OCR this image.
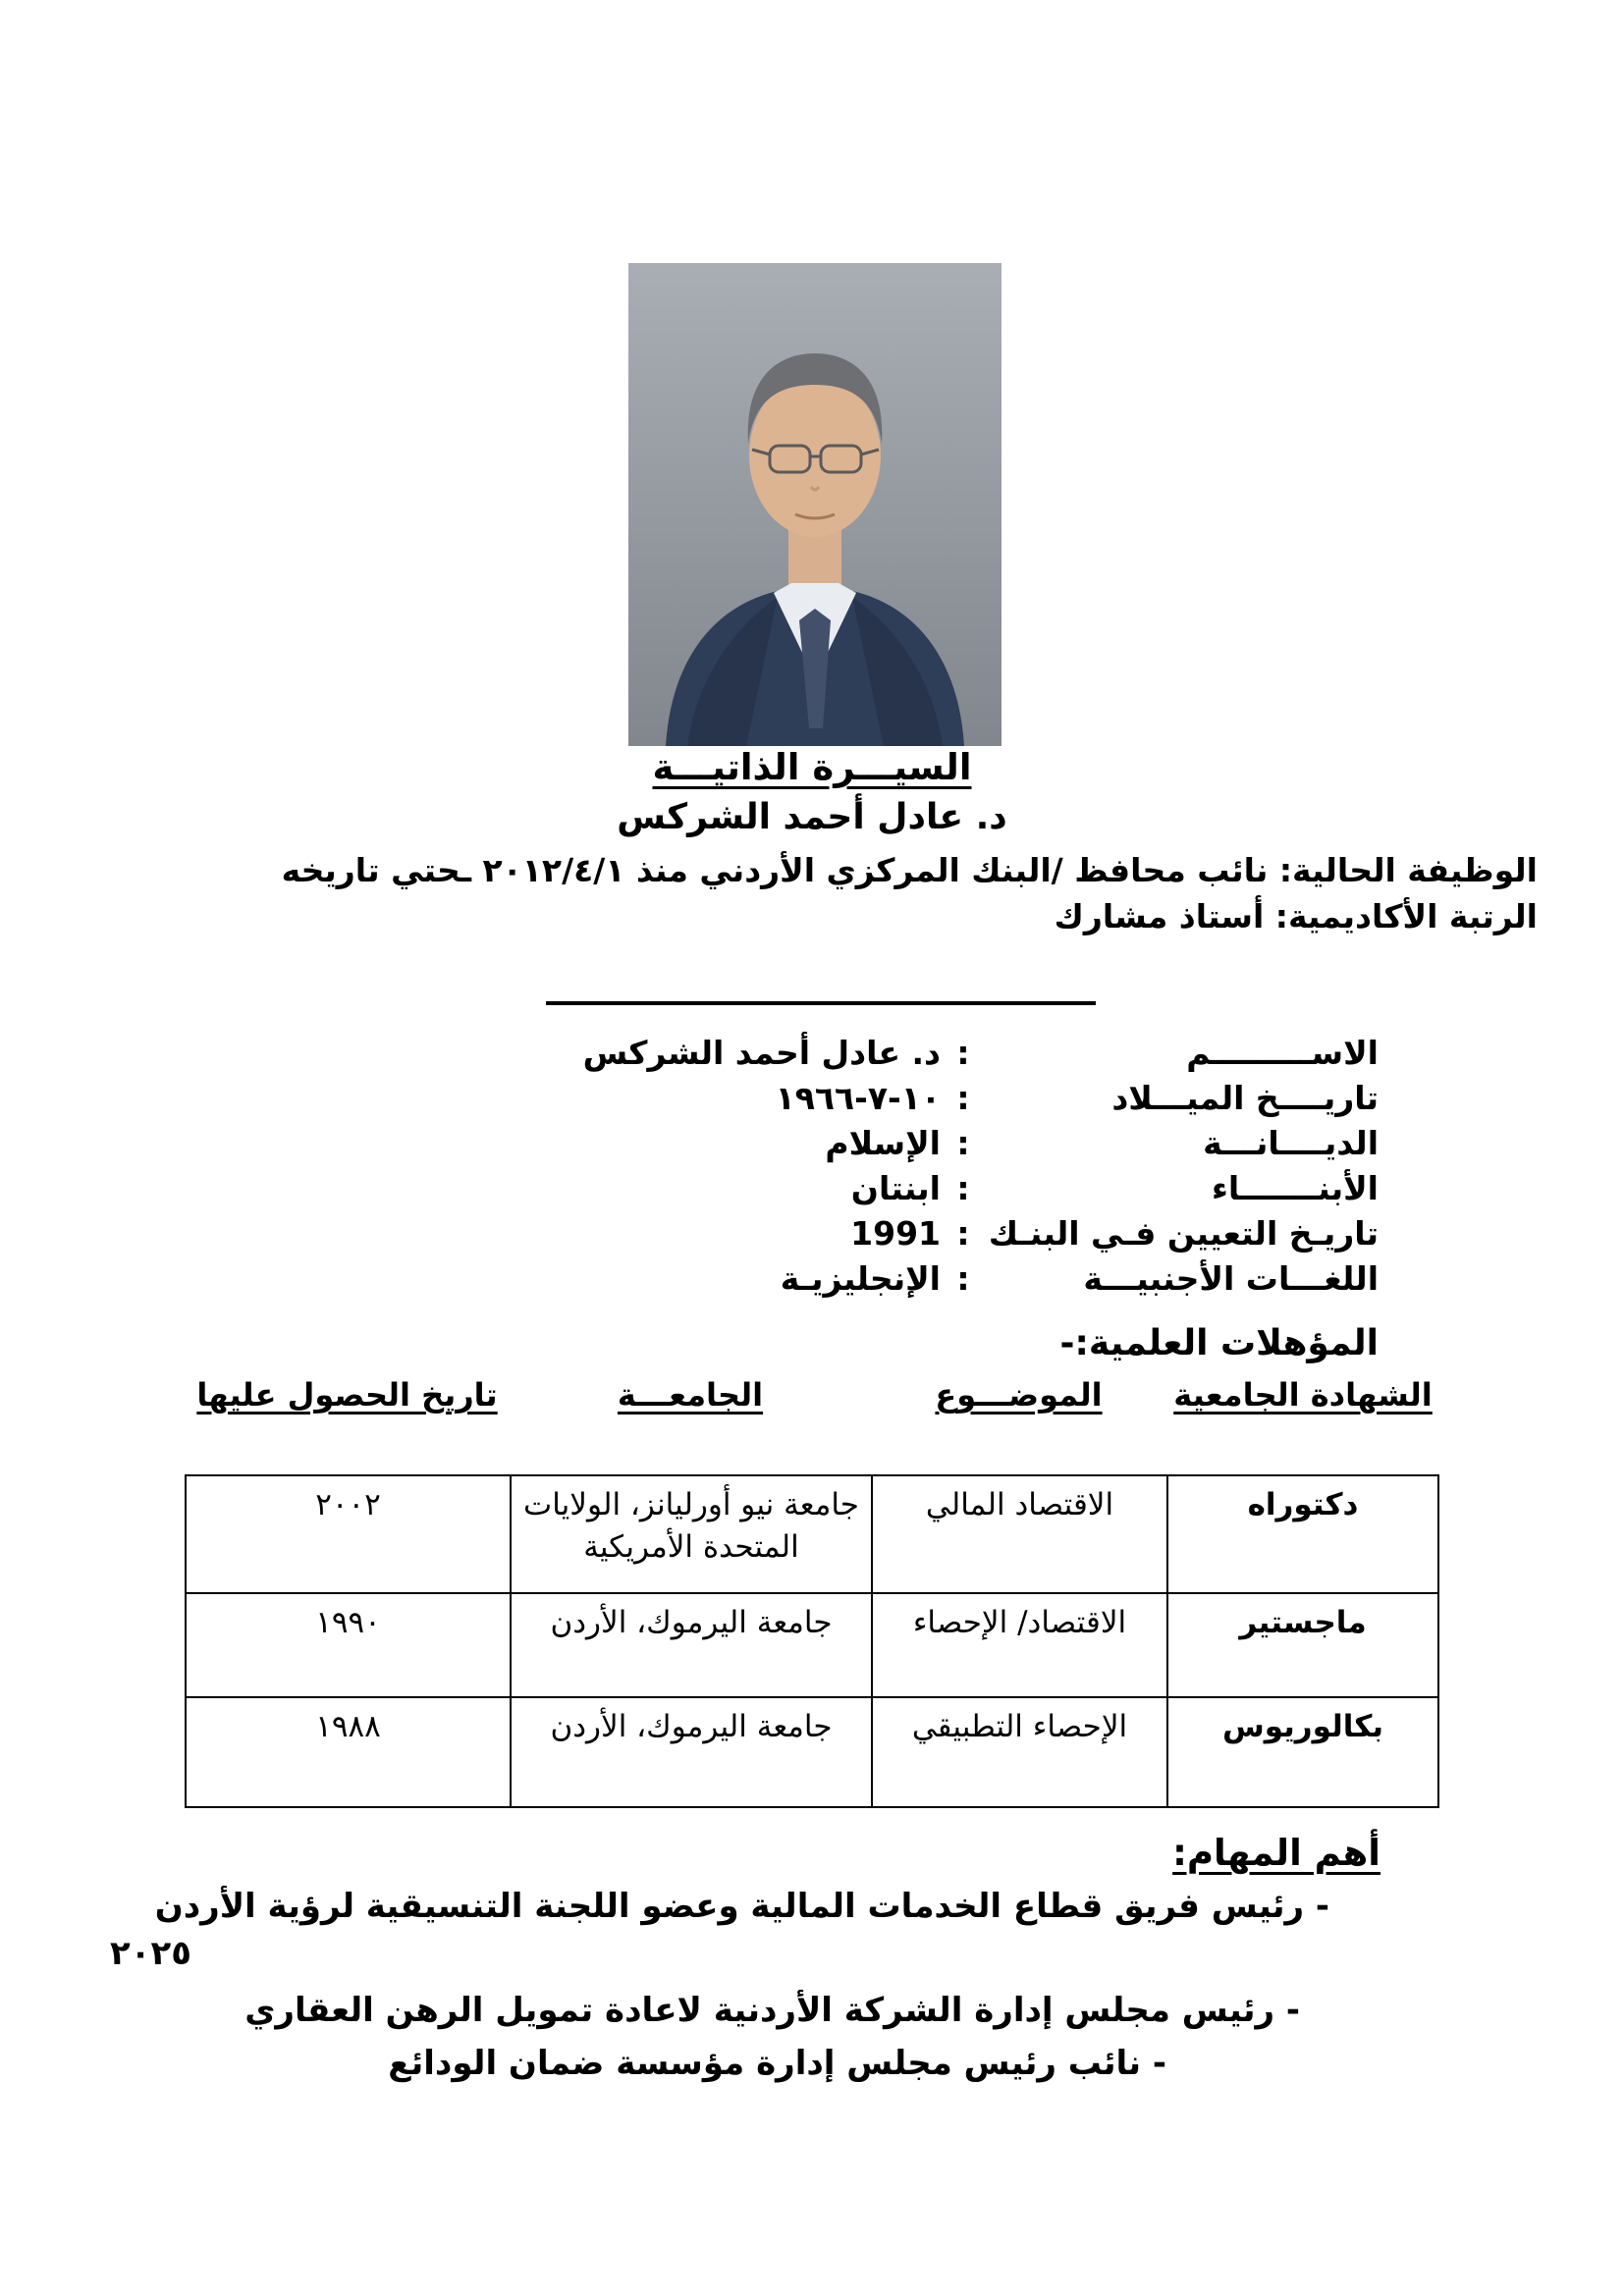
السيـــرة الذاتيـــة
د. عادل أحمد الشركس
الوظيفة الحالية: نائب محافظ /البنك المركزي الأردني منذ ٢٠١٢/٤/١ ـحتي تاريخه
الرتبة الأكاديمية: أستاذ مشارك
الاســـــــــم
:
د. عادل أحمد الشركس
تاريــــخ الميـــلاد
:
١٠-٧-١٩٦٦
الديــــانـــة
:
الإسلام
الأبنـــــــاء
:
ابنتان
تاريـخ التعيين فـي البنـك
:
1991
اللغـــات الأجنبيـــة
:
الإنجليزيـة
المؤهلات العلمية:-
الشهادة الجامعية
الموضـــوع
الجامعـــة
تاريخ الحصول عليها
دكتوراه
الاقتصاد المالي
جامعة نيو أورليانز، الولايات المتحدة الأمريكية
٢٠٠٢
ماجستير
الاقتصاد/ الإحصاء
جامعة اليرموك، الأردن
١٩٩٠
بكالوريوس
الإحصاء التطبيقي
جامعة اليرموك، الأردن
١٩٨٨
أهم المهام:
- رئيس فريق قطاع الخدمات المالية وعضو اللجنة التنسيقية لرؤية الأردن
٢٠٢٥
- رئيس مجلس إدارة الشركة الأردنية لاعادة تمويل الرهن العقاري
- نائب رئيس مجلس إدارة مؤسسة ضمان الودائع
